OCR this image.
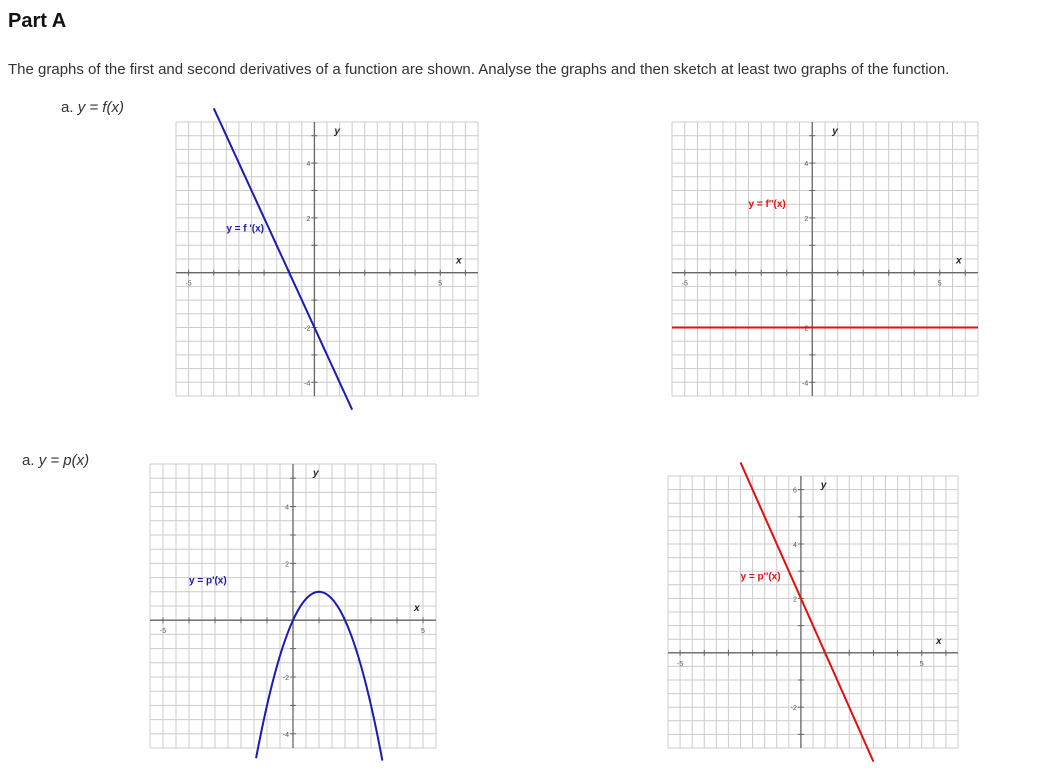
Part A
The graphs of the first and second derivatives of a function are shown. Analyse the graphs and then sketch at least two graphs of the function.
a. y = f(x)
a. y = p(x)
-5	5
4
2
-2
-4
x
y
y = f '(x)
-5	5
4
2
-2
-4
x
y
y = f''(x)
-5	5
4
2
-2
-4
x
y
y = p'(x)
-5	5
6
4
2
-2
x
y
y = p''(x)
